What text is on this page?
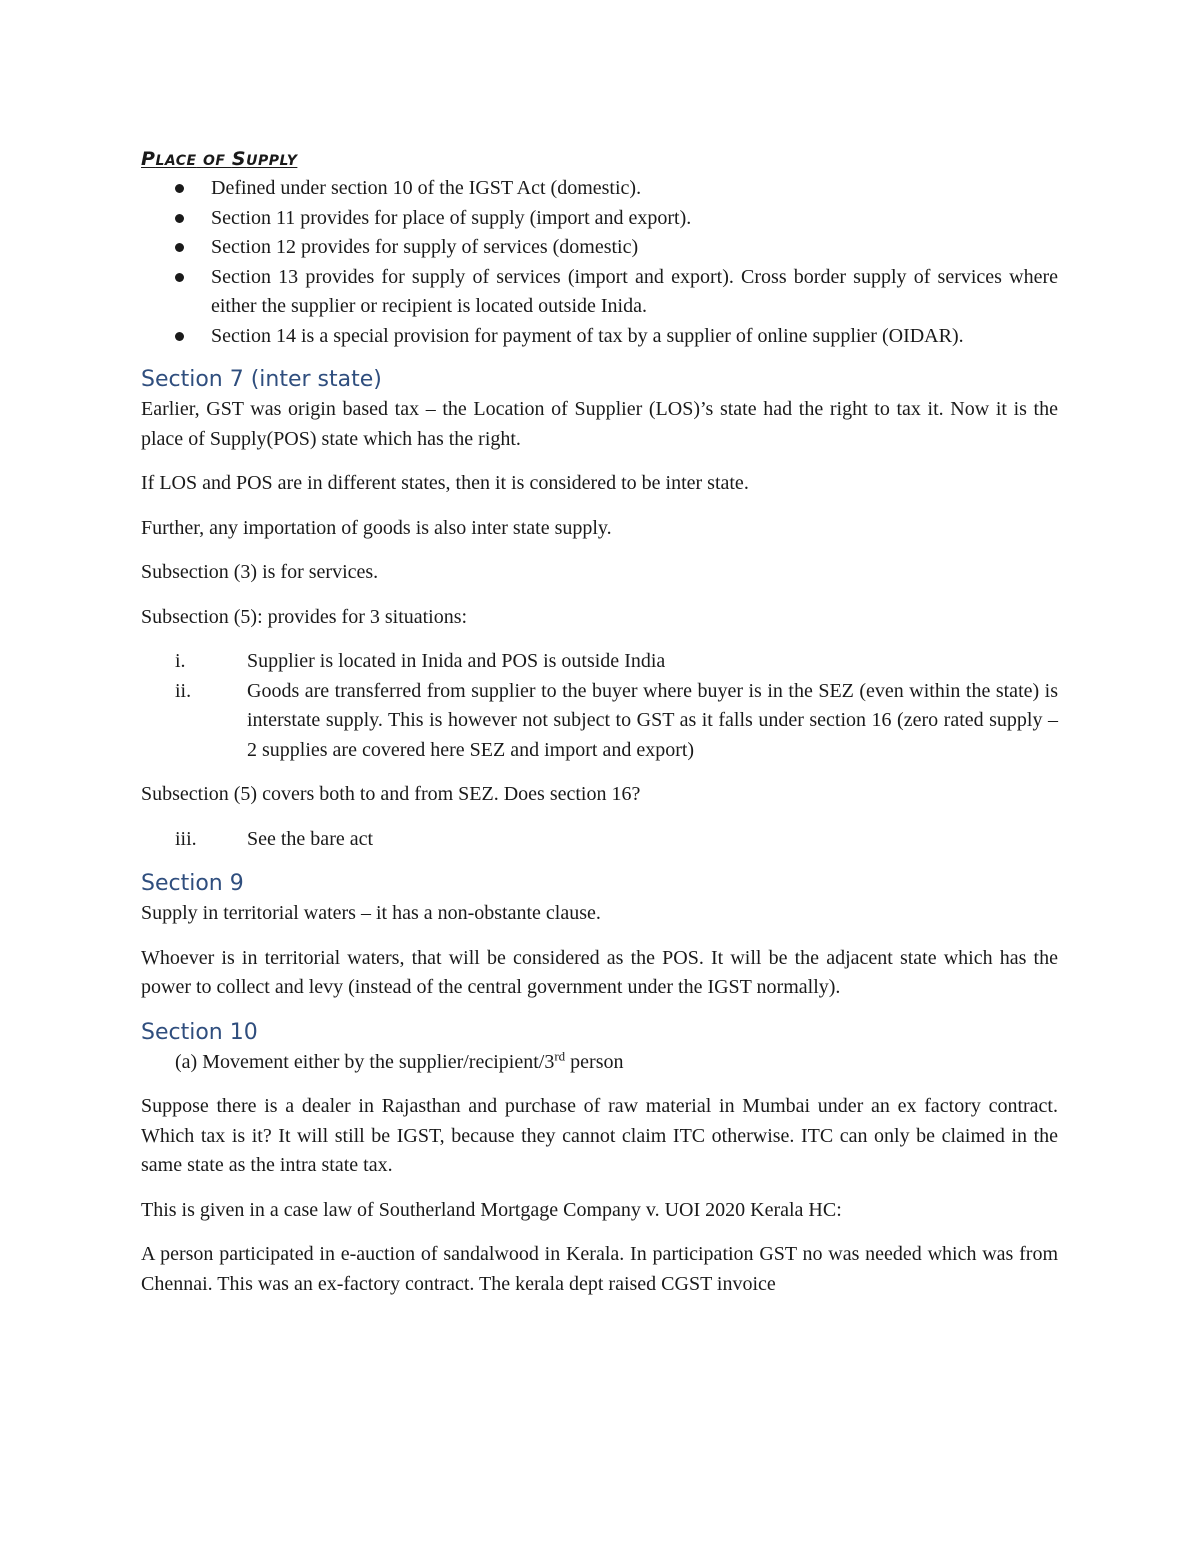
PLACE OF SUPPLY
Defined under section 10 of the IGST Act (domestic).
Section 11 provides for place of supply (import and export).
Section 12 provides for supply of services (domestic)
Section 13 provides for supply of services (import and export). Cross border supply of services where either the supplier or recipient is located outside Inida.
Section 14 is a special provision for payment of tax by a supplier of online supplier (OIDAR).
Section 7 (inter state)

Earlier, GST was origin based tax – the Location of Supplier (LOS)’s state had the right to tax it. Now it is the place of Supply(POS) state which has the right.

If LOS and POS are in different states, then it is considered to be inter state.

Further, any importation of goods is also inter state supply.

Subsection (3) is for services.

Subsection (5): provides for 3 situations:

i.	Supplier is located in Inida and POS is outside India
ii.	Goods are transferred from supplier to the buyer where buyer is in the SEZ (even within the state) is interstate supply. This is however not subject to GST as it falls under section 16 (zero rated supply – 2 supplies are covered here SEZ and import and export)

Subsection (5) covers both to and from SEZ. Does section 16?

iii.	See the bare act
Section 9

Supply in territorial waters – it has a non-obstante clause.

Whoever is in territorial waters, that will be considered as the POS. It will be the adjacent state which has the power to collect and levy (instead of the central government under the IGST normally).

Section 10
(a) Movement either by the supplier/recipient/3rd person

Suppose there is a dealer in Rajasthan and purchase of raw material in Mumbai under an ex factory contract. Which tax is it? It will still be IGST, because they cannot claim ITC otherwise. ITC can only be claimed in the same state as the intra state tax.

This is given in a case law of Southerland Mortgage Company v. UOI 2020 Kerala HC:

A person participated in e-auction of sandalwood in Kerala. In participation GST no was needed which was from Chennai. This was an ex-factory contract. The kerala dept raised CGST invoice
